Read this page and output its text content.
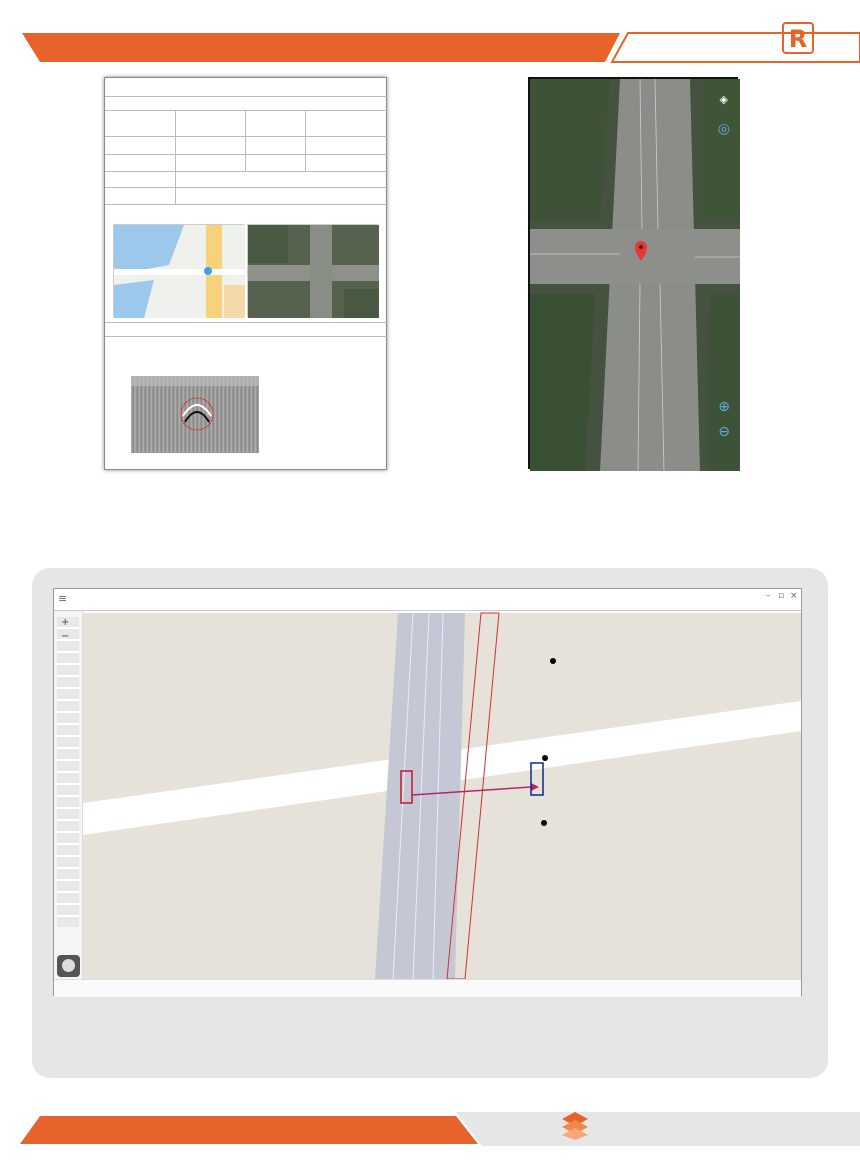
R
◈
◎
⊕
⊖
≡	– ▫ ×
+
−
